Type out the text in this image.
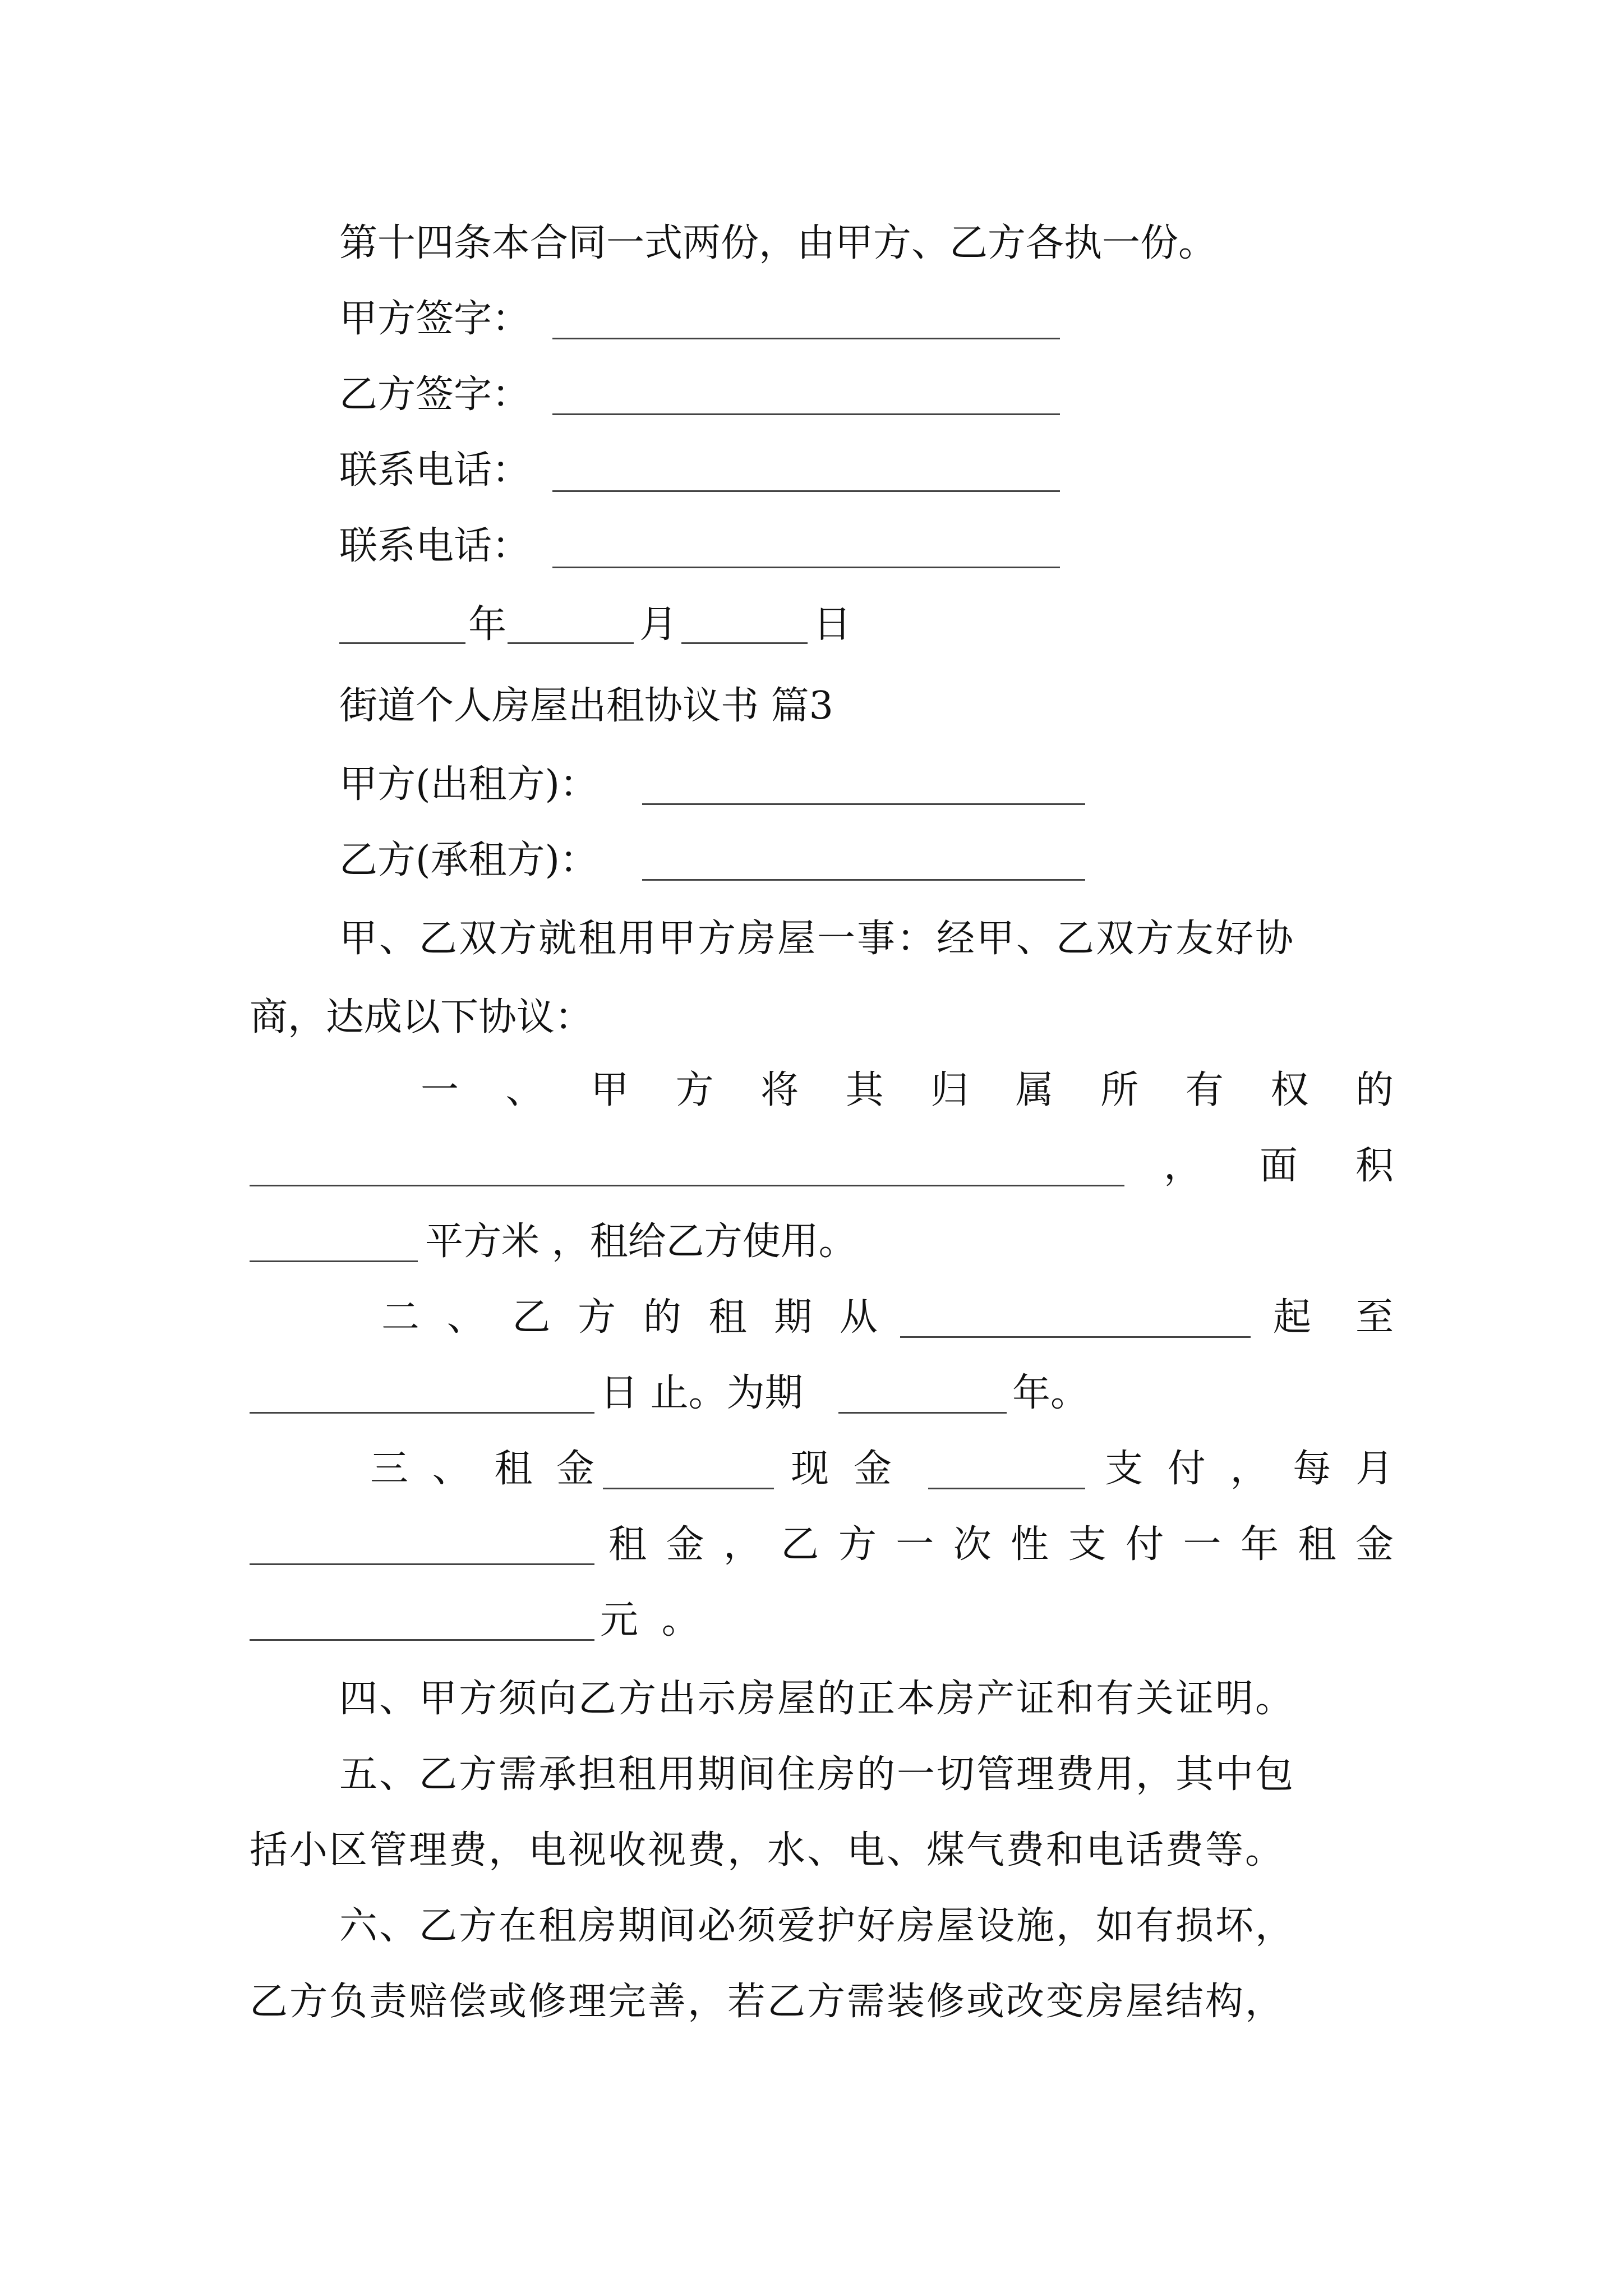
第十四条本合同一式两份，由甲方、乙方各执一份。
甲方签字：
乙方签字：
联系电话：
联系电话：
年	月	日
街道个人房屋出租协议书 篇3
甲方(出租方)：
乙方(承租方)：
甲、乙双方就租用甲方房屋一事：经甲、乙双方友好协
商，达成以下协议：
一 、 甲 方 将 其 归 属 所 有 权 的
， 面 积
平方米 ，租给乙方使用。
二 、 乙 方 的 租 期 从	起 至
日 止。为期	年。
三 、 租 金	现 金	支 付 ， 每 月
租 金 ， 乙 方 一 次 性 支 付 一 年 租 金
元 。
四、甲方须向乙方出示房屋的正本房产证和有关证明。
五、乙方需承担租用期间住房的一切管理费用，其中包
括小区管理费，电视收视费，水、电、煤气费和电话费等。
六、乙方在租房期间必须爱护好房屋设施，如有损坏，
乙方负责赔偿或修理完善，若乙方需装修或改变房屋结构，
